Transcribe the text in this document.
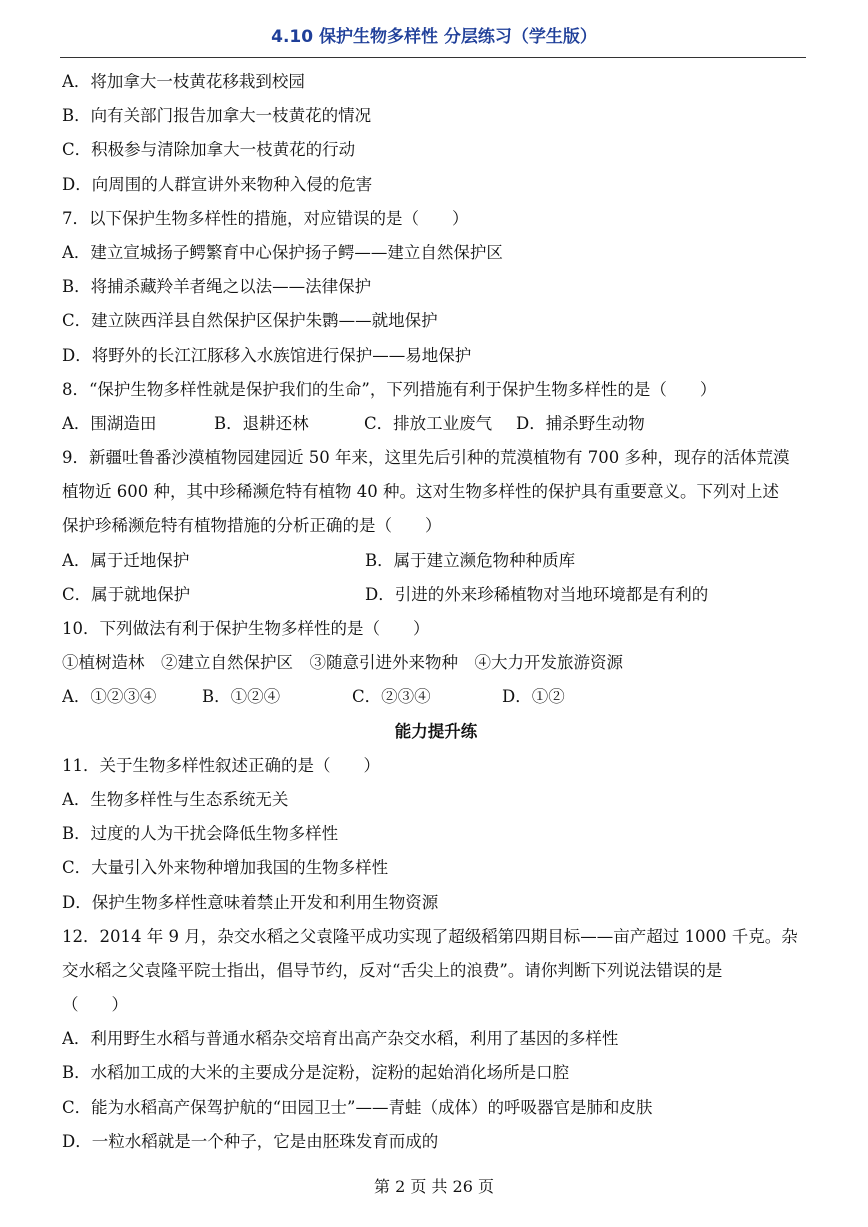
4.10 保护生物多样性 分层练习（学生版）
A．将加拿大一枝黄花移栽到校园
B．向有关部门报告加拿大一枝黄花的情况
C．积极参与清除加拿大一枝黄花的行动
D．向周围的人群宣讲外来物种入侵的危害
7．以下保护生物多样性的措施，对应错误的是（　　）
A．建立宣城扬子鳄繁育中心保护扬子鳄——建立自然保护区
B．将捕杀藏羚羊者绳之以法——法律保护
C．建立陕西洋县自然保护区保护朱鹮——就地保护
D．将野外的长江江豚移入水族馆进行保护——易地保护
8．“保护生物多样性就是保护我们的生命”，下列措施有利于保护生物多样性的是（　　）
A．围湖造田	B．退耕还林	C．排放工业废气 D．捕杀野生动物
9．新疆吐鲁番沙漠植物园建园近 50 年来，这里先后引种的荒漠植物有 700 多种，现存的活体荒漠
植物近 600 种，其中珍稀濒危特有植物 40 种。这对生物多样性的保护具有重要意义。下列对上述
保护珍稀濒危特有植物措施的分析正确的是（　　）
A．属于迁地保护	B．属于建立濒危物种种质库
C．属于就地保护	D．引进的外来珍稀植物对当地环境都是有利的
10．下列做法有利于保护生物多样性的是（　　）
①植树造林　②建立自然保护区　③随意引进外来物种　④大力开发旅游资源
A．①②③④	B．①②④	C．②③④	D．①②
能力提升练
11．关于生物多样性叙述正确的是（　　）
A．生物多样性与生态系统无关
B．过度的人为干扰会降低生物多样性
C．大量引入外来物种增加我国的生物多样性
D．保护生物多样性意味着禁止开发和利用生物资源
12．2014 年 9 月，杂交水稻之父袁隆平成功实现了超级稻第四期目标——亩产超过 1000 千克。杂
交水稻之父袁隆平院士指出，倡导节约，反对“舌尖上的浪费”。请你判断下列说法错误的是
（　　）
A．利用野生水稻与普通水稻杂交培育出高产杂交水稻，利用了基因的多样性
B．水稻加工成的大米的主要成分是淀粉，淀粉的起始消化场所是口腔
C．能为水稻高产保驾护航的“田园卫士”——青蛙（成体）的呼吸器官是肺和皮肤
D．一粒水稻就是一个种子，它是由胚珠发育而成的
第 2 页 共 26 页
